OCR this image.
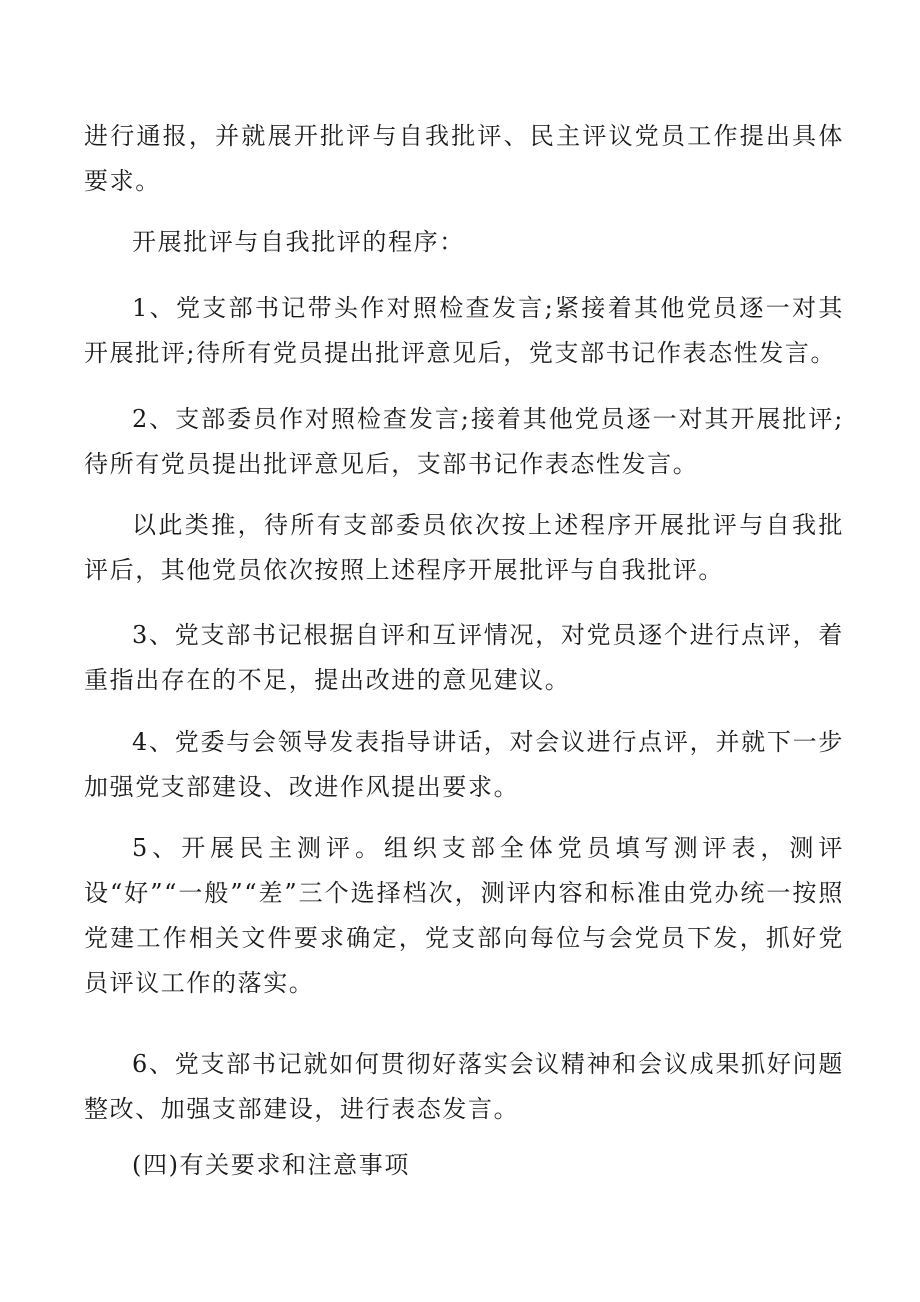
进行通报，并就展开批评与自我批评、民主评议党员工作提出具体要求。

开展批评与自我批评的程序：

1、党支部书记带头作对照检查发言;紧接着其他党员逐一对其开展批评;待所有党员提出批评意见后，党支部书记作表态性发言。

2、支部委员作对照检查发言;接着其他党员逐一对其开展批评;待所有党员提出批评意见后，支部书记作表态性发言。

以此类推，待所有支部委员依次按上述程序开展批评与自我批评后，其他党员依次按照上述程序开展批评与自我批评。

3、党支部书记根据自评和互评情况，对党员逐个进行点评，着重指出存在的不足，提出改进的意见建议。

4、党委与会领导发表指导讲话，对会议进行点评，并就下一步加强党支部建设、改进作风提出要求。

5、开展民主测评。组织支部全体党员填写测评表，测评设“好”“一般”“差”三个选择档次，测评内容和标准由党办统一按照党建工作相关文件要求确定，党支部向每位与会党员下发，抓好党员评议工作的落实。

6、党支部书记就如何贯彻好落实会议精神和会议成果抓好问题整改、加强支部建设，进行表态发言。

(四)有关要求和注意事项
